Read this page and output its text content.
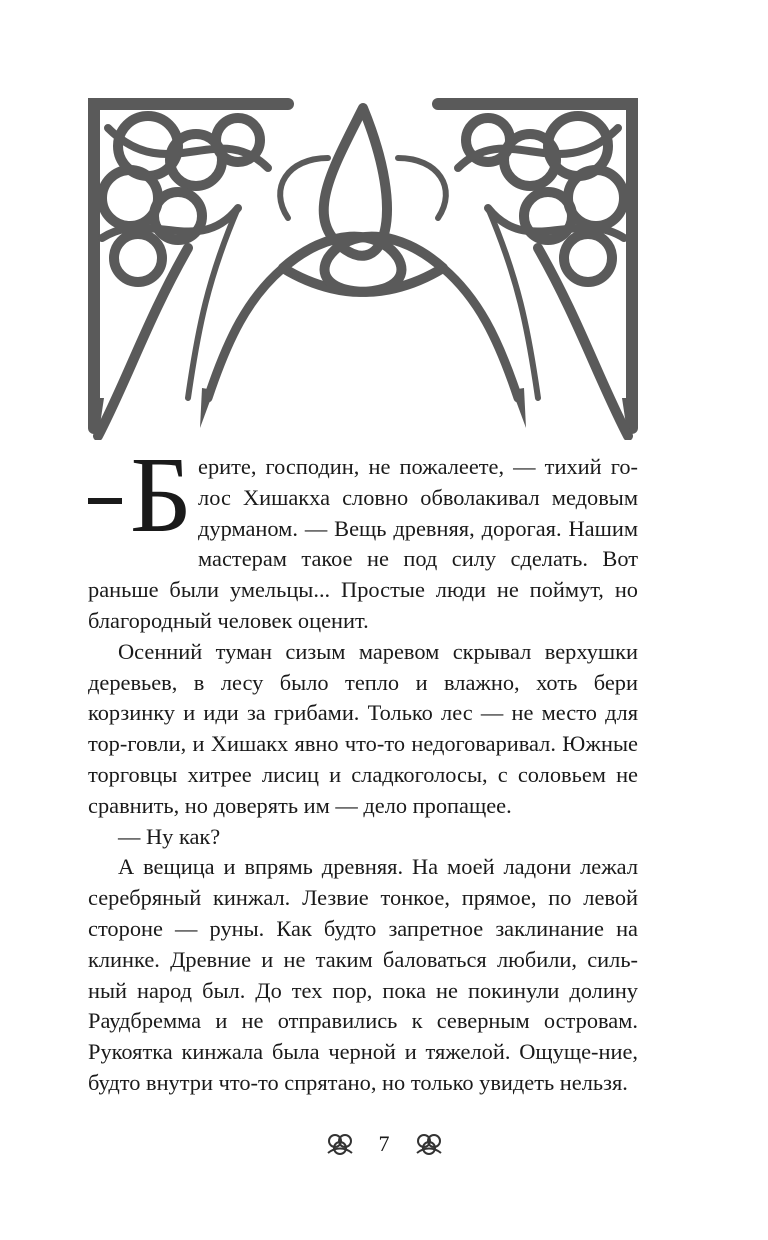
Б ерите, господин, не пожалеете, — тихий го-лос Хишакха словно обволакивал медовым дурманом. — Вещь древняя, дорогая. Нашим мастерам такое не под силу сделать. Вот раньше были умельцы... Простые люди не поймут, но благородный человек оценит.

Осенний туман сизым маревом скрывал верхушки деревьев, в лесу было тепло и влажно, хоть бери корзинку и иди за грибами. Только лес — не место для тор-говли, и Хишакх явно что-то недоговаривал. Южные торговцы хитрее лисиц и сладкоголосы, с соловьем не сравнить, но доверять им — дело пропащее.

— Ну как?

А вещица и впрямь древняя. На моей ладони лежал серебряный кинжал. Лезвие тонкое, прямое, по левой стороне — руны. Как будто запретное заклинание на клинке. Древние и не таким баловаться любили, силь-ный народ был. До тех пор, пока не покинули долину Раудбремма и не отправились к северным островам. Рукоятка кинжала была черной и тяжелой. Ощуще-ние, будто внутри что-то спрятано, но только увидеть нельзя.

7
